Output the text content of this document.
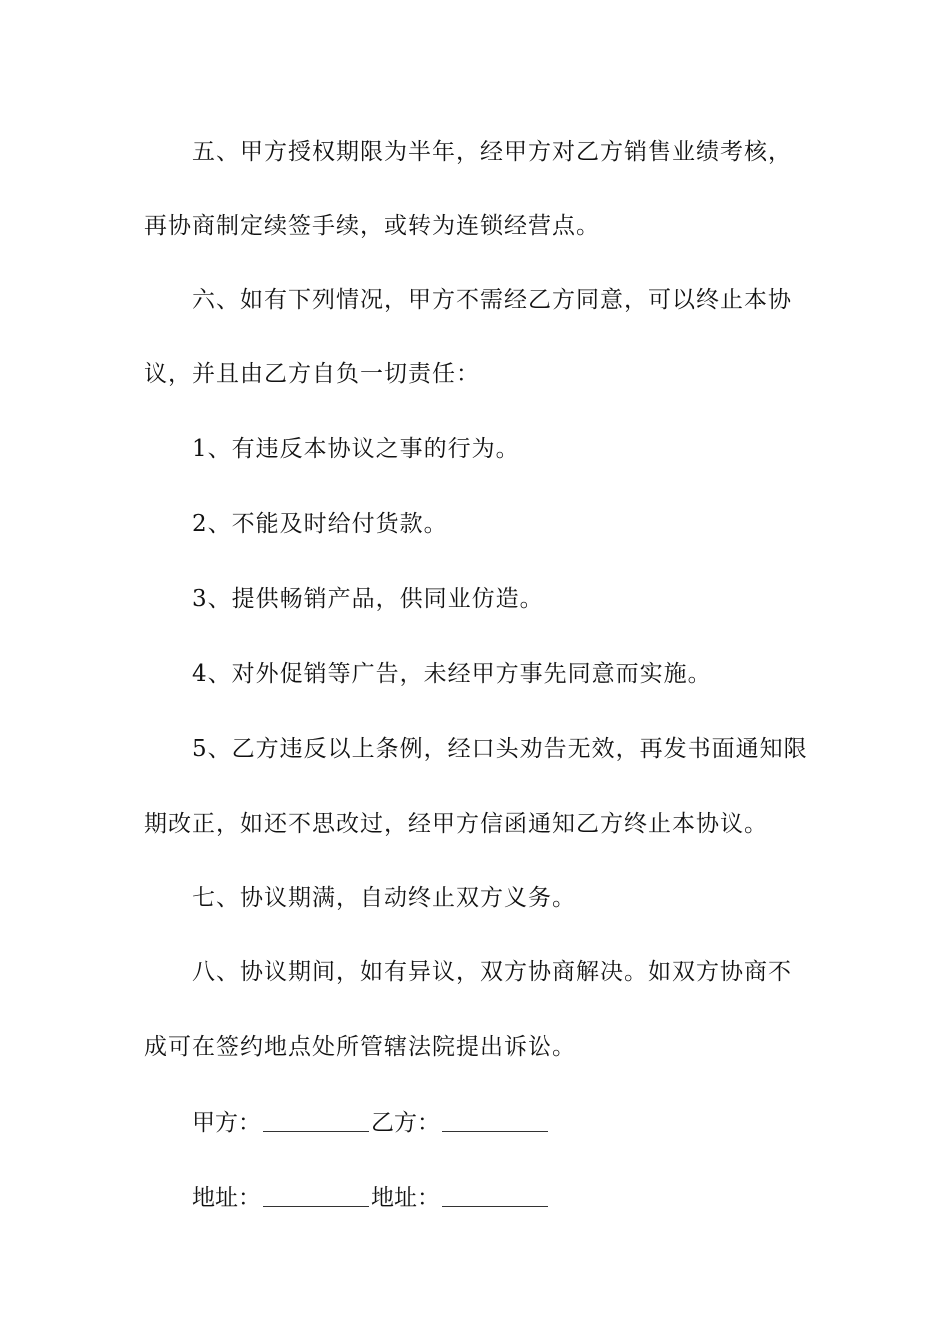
五、甲方授权期限为半年，经甲方对乙方销售业绩考核，
再协商制定续签手续，或转为连锁经营点。
六、如有下列情况，甲方不需经乙方同意，可以终止本协
议，并且由乙方自负一切责任：
1、有违反本协议之事的行为。
2、不能及时给付货款。
3、提供畅销产品，供同业仿造。
4、对外促销等广告，未经甲方事先同意而实施。
5、乙方违反以上条例，经口头劝告无效，再发书面通知限
期改正，如还不思改过，经甲方信函通知乙方终止本协议。
七、协议期满，自动终止双方义务。
八、协议期间，如有异议，双方协商解决。如双方协商不
成可在签约地点处所管辖法院提出诉讼。
甲方：	乙方：
地址：	地址：
